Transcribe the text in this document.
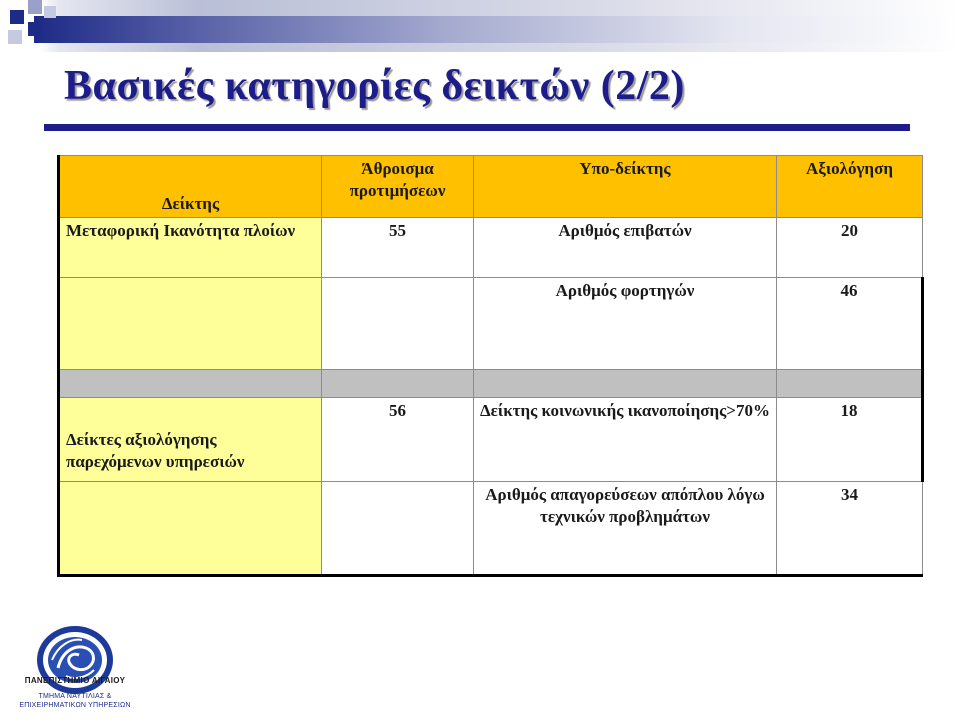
Βασικές κατηγορίες δεικτών (2/2)
Δείκτης	Άθροισμα προτιμήσεων	Υπο-δείκτης	Αξιολόγηση
Μεταφορική Ικανότητα πλοίων	55	Αριθμός επιβατών	20
		Αριθμός φορτηγών	46

Δείκτες αξιολόγησης παρεχόμενων υπηρεσιών	56	Δείκτης κοινωνικής ικανοποίησης>70%	18
		Αριθμός απαγορεύσεων απόπλου λόγω τεχνικών προβλημάτων	34
ΠΑΝΕΠΙΣΤΗΜΙΟ ΑΙΓΑΙΟΥ
ΤΜΗΜΑ ΝΑΥΤΙΛΙΑΣ &
ΕΠΙΧΕΙΡΗΜΑΤΙΚΩΝ ΥΠΗΡΕΣΙΩΝ
